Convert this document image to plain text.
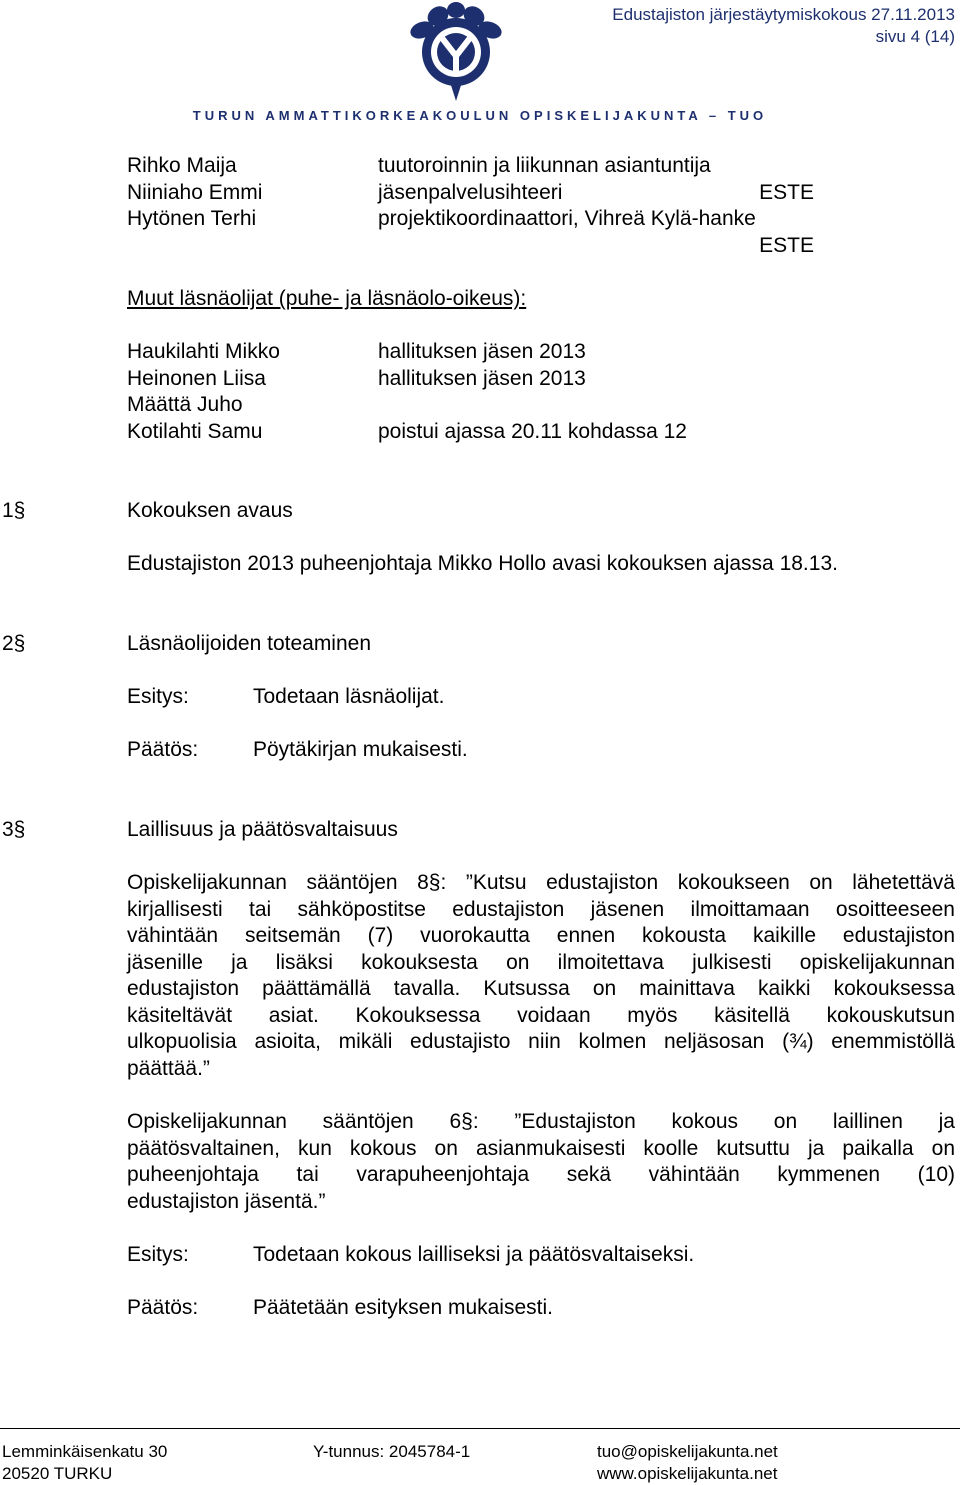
Edustajiston järjestäytymiskokous 27.11.2013
sivu 4 (14)
TURUN AMMATTIKORKEAKOULUN OPISKELIJAKUNTA – TUO
Rihko Maija	tuutoroinnin ja liikunnan asiantuntija
Niiniaho Emmi	jäsenpalvelusihteeri	ESTE
Hytönen Terhi	projektikoordinaattori, Vihreä Kylä-hanke
ESTE
Muut läsnäolijat (puhe- ja läsnäolo-oikeus):
Haukilahti Mikko	hallituksen jäsen 2013
Heinonen Liisa	hallituksen jäsen 2013
Määttä Juho
Kotilahti Samu	poistui ajassa 20.11 kohdassa 12
1§	Kokouksen avaus
Edustajiston 2013 puheenjohtaja Mikko Hollo avasi kokouksen ajassa 18.13.
2§	Läsnäolijoiden toteaminen
Esitys:	Todetaan läsnäolijat.
Päätös:	Pöytäkirjan mukaisesti.
3§	Laillisuus ja päätösvaltaisuus
Opiskelijakunnan sääntöjen 8§: ”Kutsu edustajiston kokoukseen on lähetettävä
kirjallisesti tai sähköpostitse edustajiston jäsenen ilmoittamaan osoitteeseen
vähintään seitsemän (7) vuorokautta ennen kokousta kaikille edustajiston
jäsenille ja lisäksi kokouksesta on ilmoitettava julkisesti opiskelijakunnan
edustajiston päättämällä tavalla. Kutsussa on mainittava kaikki kokouksessa
käsiteltävät asiat. Kokouksessa voidaan myös käsitellä kokouskutsun
ulkopuolisia asioita, mikäli edustajisto niin kolmen neljäsosan (¾) enemmistöllä
päättää.”
Opiskelijakunnan sääntöjen 6§: ”Edustajiston kokous on laillinen ja
päätösvaltainen, kun kokous on asianmukaisesti koolle kutsuttu ja paikalla on
puheenjohtaja tai varapuheenjohtaja sekä vähintään kymmenen (10)
edustajiston jäsentä.”
Esitys:	Todetaan kokous lailliseksi ja päätösvaltaiseksi.
Päätös:	Päätetään esityksen mukaisesti.
Lemminkäisenkatu 30
20520 TURKU
Y-tunnus: 2045784-1	tuo@opiskelijakunta.net
www.opiskelijakunta.net
